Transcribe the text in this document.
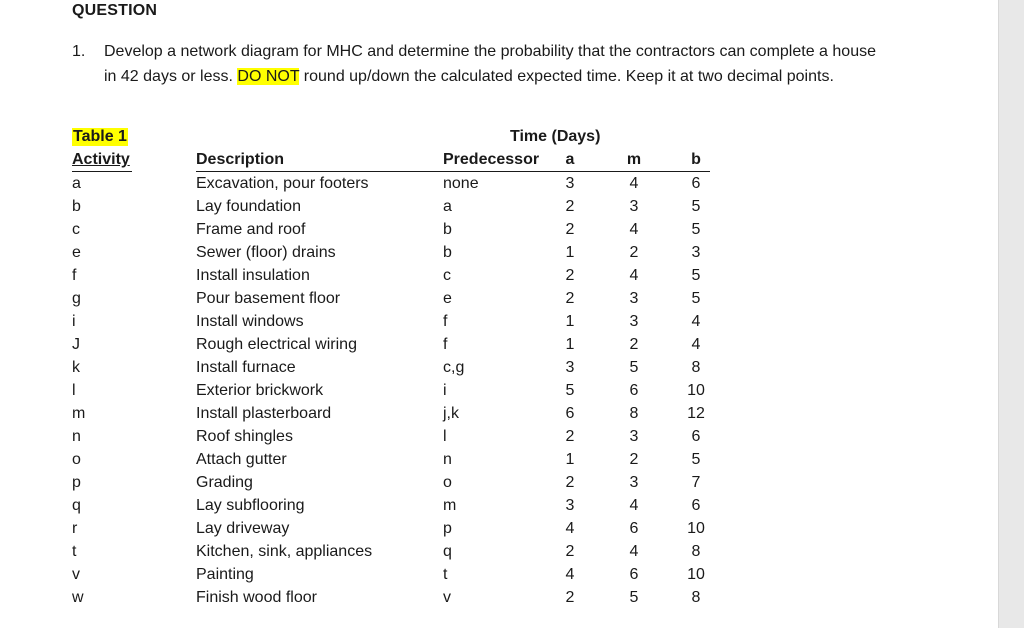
QUESTION
1. Develop a network diagram for MHC and determine the probability that the contractors can complete a house in 42 days or less. DO NOT round up/down the calculated expected time. Keep it at two decimal points.
Table 1	Time (Days)
Activity	Description	Predecessor	a	m	b
a	Excavation, pour footers	none	3	4	6
b	Lay foundation	a	2	3	5
c	Frame and roof	b	2	4	5
e	Sewer (floor) drains	b	1	2	3
f	Install insulation	c	2	4	5
g	Pour basement floor	e	2	3	5
i	Install windows	f	1	3	4
J	Rough electrical wiring	f	1	2	4
k	Install furnace	c,g	3	5	8
l	Exterior brickwork	i	5	6	10
m	Install plasterboard	j,k	6	8	12
n	Roof shingles	l	2	3	6
o	Attach gutter	n	1	2	5
p	Grading	o	2	3	7
q	Lay subflooring	m	3	4	6
r	Lay driveway	p	4	6	10
t	Kitchen, sink, appliances	q	2	4	8
v	Painting	t	4	6	10
w	Finish wood floor	v	2	5	8
